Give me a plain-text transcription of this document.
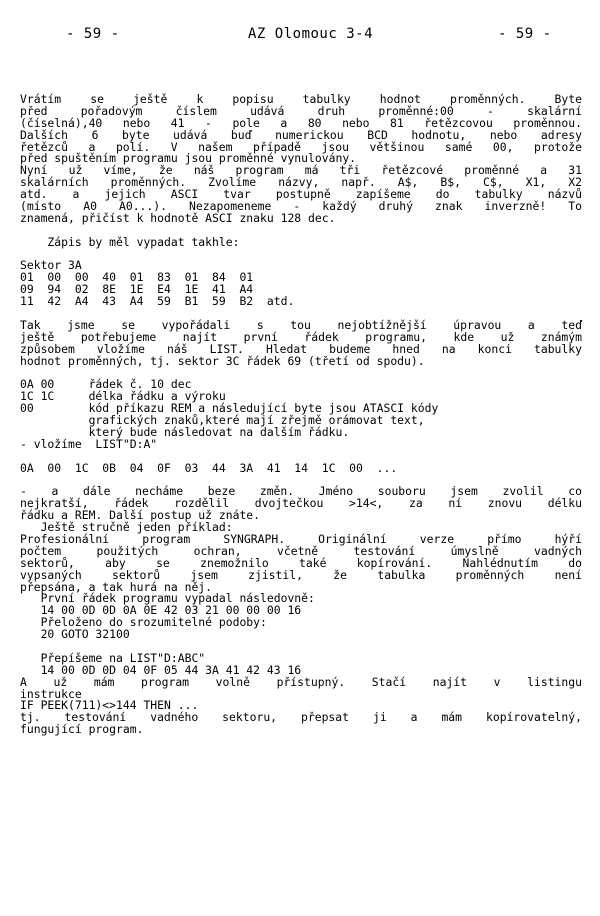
- 59 -	AZ Olomouc 3-4	- 59 -
Vrátím se ještě k popisu tabulky hodnot proměnných. Byte
před pořadovým číslem udává druh proměnné:00 - skalární
(číselná),40 nebo 41 - pole a 80 nebo 81 řetězcovou proměnnou.
Dalších 6 byte udává buď numerickou BCD hodnotu, nebo adresy
řetězců a polí. V našem případě jsou většinou samé 00, protože
před spuštěním programu jsou proměnné vynulovány.
Nyní už víme, že náš program má tři řetězcové proměnné a 31
skalárních proměnných. Zvolíme názvy, např. A$, B$, C$, X1, X2
atd. a jejich ASCI tvar postupně zapíšeme do tabulky názvů
(místo A0 A0...). Nezapomeneme - každý druhý znak inverzně! To
znamená, přičíst k hodnotě ASCI znaku 128 dec.
Zápis by měl vypadat takhle:
Sektor 3A
01  00  00  40  01  83  01  84  01
09  94  02  8E  1E  E4  1E  41  A4
11  42  A4  43  A4  59  B1  59  B2  atd.
Tak jsme se vypořádali s tou nejobtížnější úpravou a teď
ještě potřebujeme najít první řádek programu, kde už známým
způsobem vložíme náš LIST. Hledat budeme hned na konci tabulky
hodnot proměnných, tj. sektor 3C řádek 69 (třetí od spodu).
0A 00     řádek č. 10 dec
1C 1C     délka řádku a výroku
00        kód příkazu REM a následující byte jsou ATASCI kódy
grafických znaků,které mají zřejmě orámovat text,
který bude následovat na dalším řádku.
- vložíme  LIST"D:A"
0A  00  1C  0B  04  0F  03  44  3A  41  14  1C  00  ...
- a dále necháme beze změn. Jméno souboru jsem zvolil co
nejkratší, řádek rozdělil dvojtečkou >14<, za ní znovu délku
řádku a REM. Další postup už znáte.
Ještě stručně jeden příklad:
Profesionální program SYNGRAPH. Originální verze přímo hýří
počtem použitých ochran, včetně testování úmyslně vadných
sektorů, aby se znemožnilo také kopírování. Nahlédnutím do
vypsaných sektorů jsem zjistil, že tabulka proměnných není
přepsána, a tak hurá na něj.
První řádek programu vypadal následovně:
14 00 0D 0D 0A 0E 42 03 21 00 00 00 16
Přeloženo do srozumitelné podoby:
20 GOTO 32100
Přepíšeme na LIST"D:ABC"
14 00 0D 0D 04 0F 05 44 3A 41 42 43 16
A už mám program volně přístupný. Stačí najít v listingu
instrukce
IF PEEK(711)<>144 THEN ...
tj. testování vadného sektoru, přepsat ji a mám kopírovatelný,
fungující program.
